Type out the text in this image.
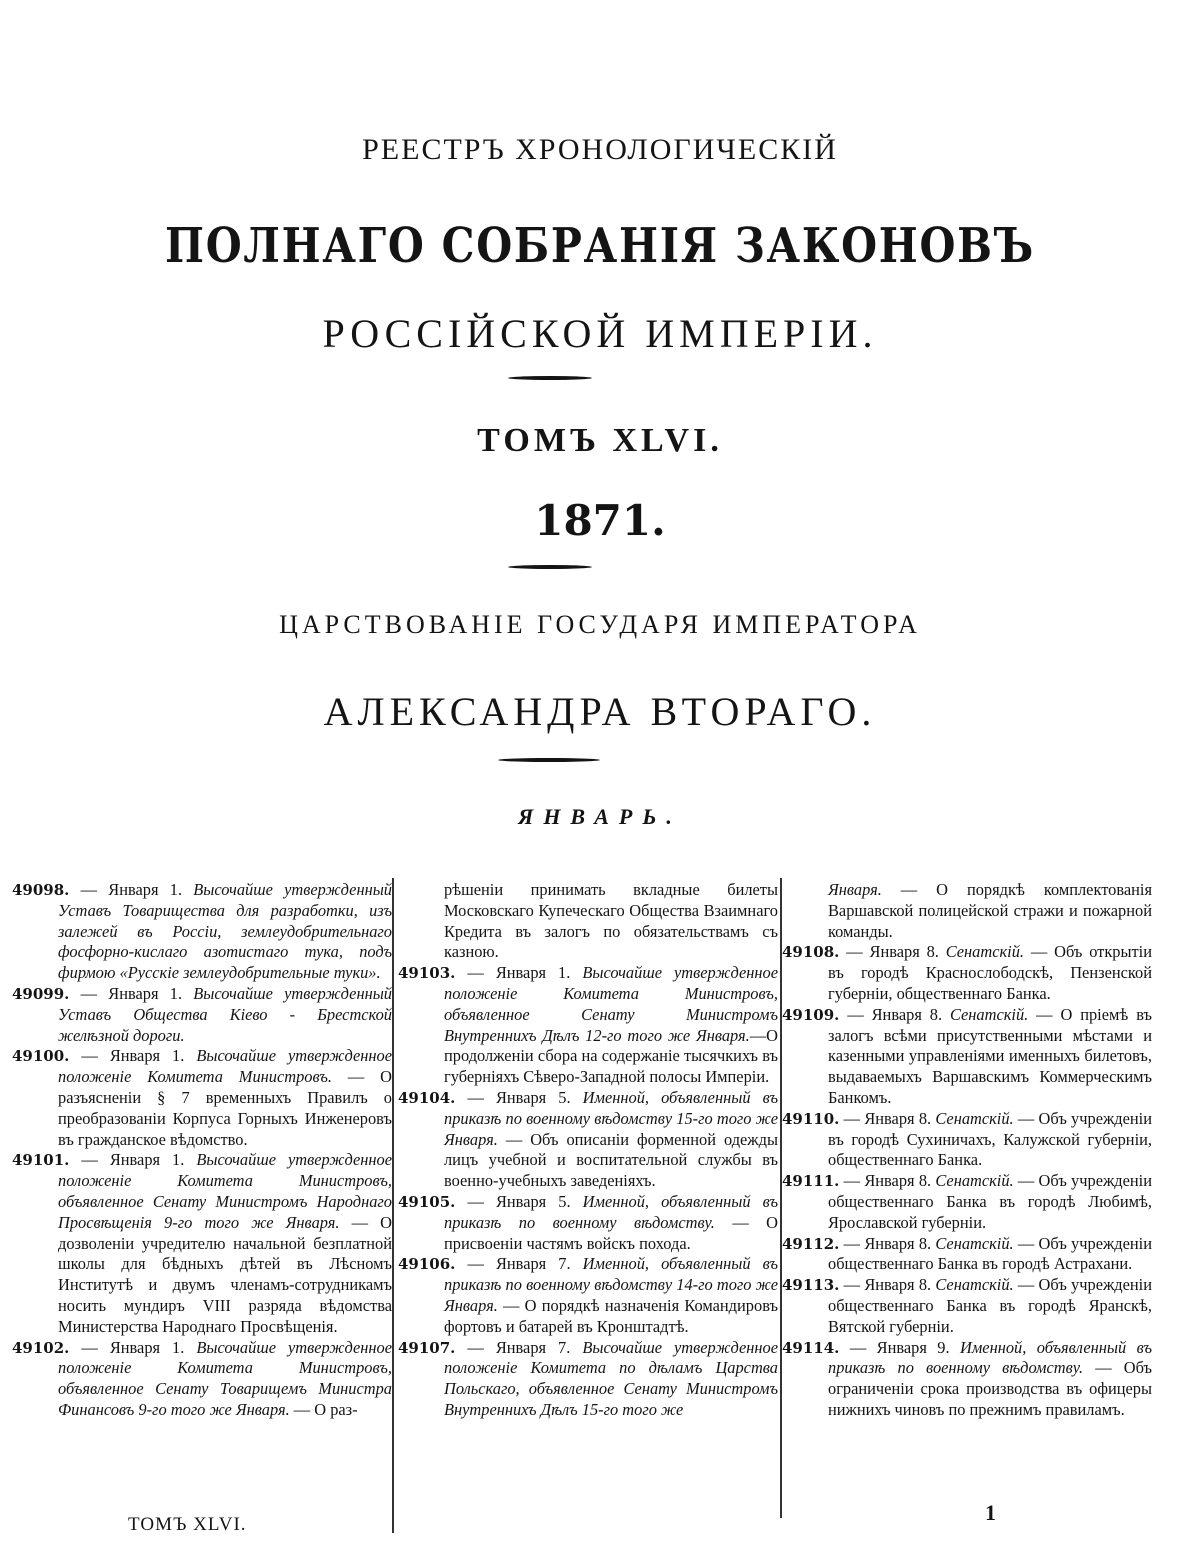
РЕЕСТРЪ ХРОНОЛОГИЧЕСКІЙ
ПОЛНАГО СОБРАНІЯ ЗАКОНОВЪ
РОССІЙСКОЙ ИМПЕРІИ.
ТОМЪ XLVI.
1871.
ЦАРСТВОВАНІЕ ГОСУДАРЯ ИМПЕРАТОРА
АЛЕКСАНДРА ВТОРАГО.
ЯНВАРЬ.

49098. — Января 1. Высочайше утвержденный Уставъ Товарищества для разработки, изъ залежей въ Россіи, землеудобрительнаго фосфорно-кислаго азотистаго тука, подъ фирмою «Русскіе землеудобрительные туки».

49099. — Января 1. Высочайше утвержденный Уставъ Общества Кіево - Брестской желѣзной дороги.

49100. — Января 1. Высочайше утвержденное положеніе Комитета Министровъ. — О разъясненіи § 7 временныхъ Правилъ о преобразованіи Корпуса Горныхъ Инженеровъ въ гражданское вѣдомство.

49101. — Января 1. Высочайше утвержденное положеніе Комитета Министровъ, объявленное Сенату Министромъ Народнаго Просвѣщенія 9-го того же Января. — О дозволеніи учредителю начальной безплатной школы для бѣдныхъ дѣтей въ Лѣсномъ Институтѣ и двумъ членамъ-сотрудникамъ носить мундиръ VIII разряда вѣдомства Министерства Народнаго Просвѣщенія.

49102. — Января 1. Высочайше утвержденное положеніе Комитета Министровъ, объявленное Сенату Товарищемъ Министра Финансовъ 9-го того же Января. — О раз-

рѣшеніи принимать вкладные билеты Московскаго Купеческаго Общества Взаимнаго Кредита въ залогъ по обязательствамъ съ казною.

49103. — Января 1. Высочайше утвержденное положеніе Комитета Министровъ, объявленное Сенату Министромъ Внутреннихъ Дѣлъ 12-го того же Января.—О продолженіи сбора на содержаніе тысячкихъ въ губерніяхъ Сѣверо-Западной полосы Имперіи.

49104. — Января 5. Именной, объявленный въ приказѣ по военному вѣдомству 15-го того же Января. — Объ описаніи форменной одежды лицъ учебной и воспитательной службы въ военно-учебныхъ заведеніяхъ.

49105. — Января 5. Именной, объявленный въ приказѣ по военному вѣдомству. — О присвоеніи частямъ войскъ похода.

49106. — Января 7. Именной, объявленный въ приказѣ по военному вѣдомству 14-го того же Января. — О порядкѣ назначенія Командировъ фортовъ и батарей въ Кронштадтѣ.

49107. — Января 7. Высочайше утвержденное положеніе Комитета по дѣламъ Царства Польскаго, объявленное Сенату Министромъ Внутреннихъ Дѣлъ 15-го того же

Января. — О порядкѣ комплектованія Варшавской полицейской стражи и пожарной команды.

49108. — Января 8. Сенатскій. — Объ открытіи въ городѣ Краснослободскѣ, Пензенской губерніи, общественнаго Банка.

49109. — Января 8. Сенатскій. — О пріемѣ въ залогъ всѣми присутственными мѣстами и казенными управленіями именныхъ билетовъ, выдаваемыхъ Варшавскимъ Коммерческимъ Банкомъ.

49110. — Января 8. Сенатскій. — Объ учрежденіи въ городѣ Сухиничахъ, Калужской губерніи, общественнаго Банка.

49111. — Января 8. Сенатскій. — Объ учрежденіи общественнаго Банка въ городѣ Любимѣ, Ярославской губерніи.

49112. — Января 8. Сенатскій. — Объ учрежденіи общественнаго Банка въ городѣ Астрахани.

49113. — Января 8. Сенатскій. — Объ учрежденіи общественнаго Банка въ городѣ Яранскѣ, Вятской губерніи.

49114. — Января 9. Именной, объявленный въ приказѣ по военному вѣдомству. — Объ ограниченіи срока производства въ офицеры нижнихъ чиновъ по прежнимъ правиламъ.

ТОМЪ XLVI.	1
